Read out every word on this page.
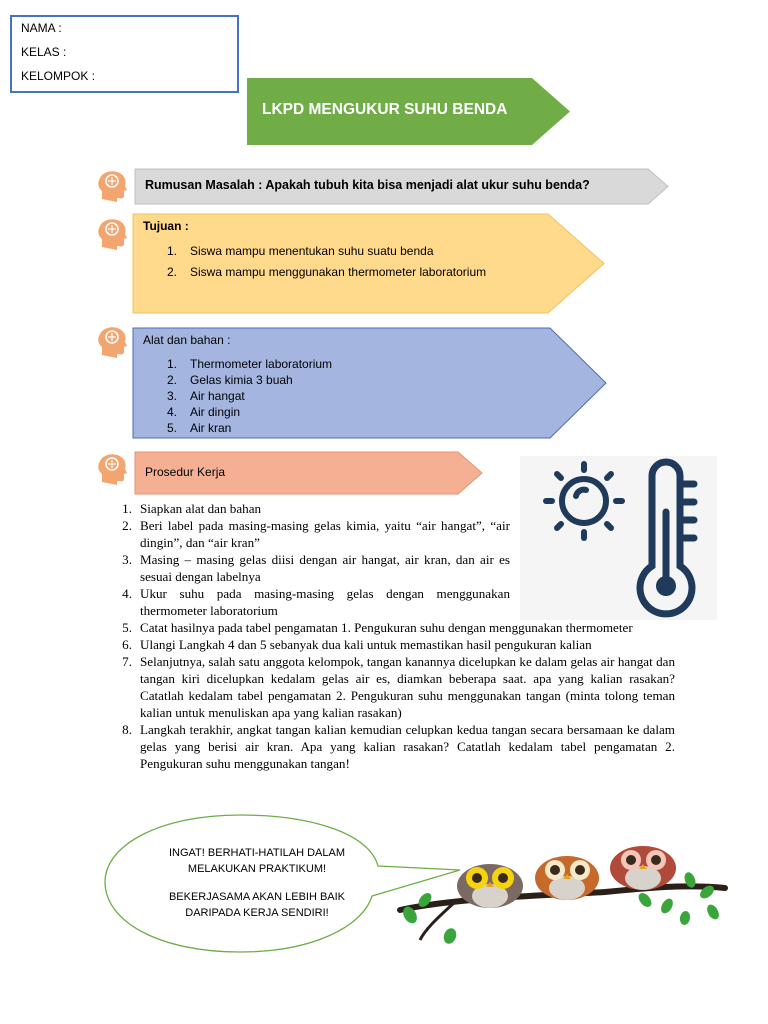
NAMA :
KELAS :
KELOMPOK :
LKPD MENGUKUR SUHU BENDA
Rumusan Masalah : Apakah tubuh kita bisa menjadi alat ukur suhu benda?
Tujuan :
1. Siswa mampu menentukan suhu suatu benda
2. Siswa mampu menggunakan thermometer laboratorium
Alat dan bahan :
1. Thermometer laboratorium
2. Gelas kimia 3 buah
3. Air hangat
4. Air dingin
5. Air kran
Prosedur Kerja
1. Siapkan alat dan bahan
2. Beri label pada masing-masing gelas kimia, yaitu “air hangat”, “air dingin”, dan “air kran”
3. Masing – masing gelas diisi dengan air hangat, air kran, dan air es sesuai dengan labelnya
4. Ukur suhu pada masing-masing gelas dengan menggunakan thermometer laboratorium
5. Catat hasilnya pada tabel pengamatan 1. Pengukuran suhu dengan menggunakan thermometer
6. Ulangi Langkah 4 dan 5 sebanyak dua kali untuk memastikan hasil pengukuran kalian
7. Selanjutnya, salah satu anggota kelompok, tangan kanannya dicelupkan ke dalam gelas air hangat dan tangan kiri dicelupkan kedalam gelas air es, diamkan beberapa saat. apa yang kalian rasakan? Catatlah kedalam tabel pengamatan 2. Pengukuran suhu menggunakan tangan (minta tolong teman kalian untuk menuliskan apa yang kalian rasakan)
8. Langkah terakhir, angkat tangan kalian kemudian celupkan kedua tangan secara bersamaan ke dalam gelas yang berisi air kran. Apa yang kalian rasakan? Catatlah kedalam tabel pengamatan 2. Pengukuran suhu menggunakan tangan!

INGAT! BERHATI-HATILAH DALAM MELAKUKAN PRAKTIKUM!

BEKERJASAMA AKAN LEBIH BAIK DARIPADA KERJA SENDIRI!
